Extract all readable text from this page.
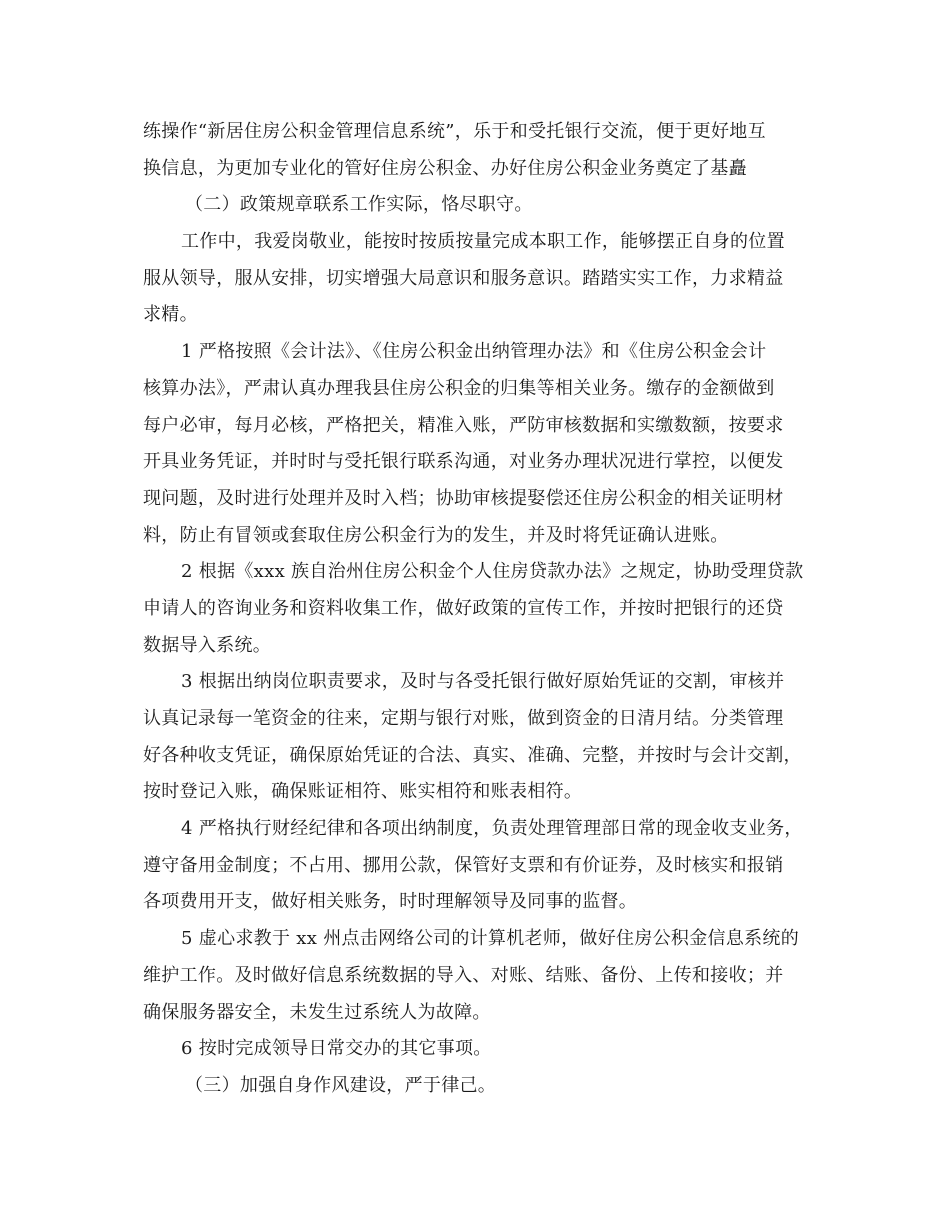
练操作“新居住房公积金管理信息系统”，乐于和受托银行交流，便于更好地互
换信息，为更加专业化的管好住房公积金、办好住房公积金业务奠定了基矗
（二）政策规章联系工作实际，恪尽职守。
工作中，我爱岗敬业，能按时按质按量完成本职工作，能够摆正自身的位置
服从领导，服从安排，切实增强大局意识和服务意识。踏踏实实工作，力求精益
求精。
1 严格按照《会计法》、《住房公积金出纳管理办法》和《住房公积金会计
核算办法》，严肃认真办理我县住房公积金的归集等相关业务。缴存的金额做到
每户必审，每月必核，严格把关，精准入账，严防审核数据和实缴数额，按要求
开具业务凭证，并时时与受托银行联系沟通，对业务办理状况进行掌控，以便发
现问题，及时进行处理并及时入档；协助审核提娶偿还住房公积金的相关证明材
料，防止有冒领或套取住房公积金行为的发生，并及时将凭证确认进账。
2 根据《xxx 族自治州住房公积金个人住房贷款办法》之规定，协助受理贷款
申请人的咨询业务和资料收集工作，做好政策的宣传工作，并按时把银行的还贷
数据导入系统。
3 根据出纳岗位职责要求，及时与各受托银行做好原始凭证的交割，审核并
认真记录每一笔资金的往来，定期与银行对账，做到资金的日清月结。分类管理
好各种收支凭证，确保原始凭证的合法、真实、准确、完整，并按时与会计交割，
按时登记入账，确保账证相符、账实相符和账表相符。
4 严格执行财经纪律和各项出纳制度，负责处理管理部日常的现金收支业务，
遵守备用金制度；不占用、挪用公款，保管好支票和有价证券，及时核实和报销
各项费用开支，做好相关账务，时时理解领导及同事的监督。
5 虚心求教于 xx 州点击网络公司的计算机老师，做好住房公积金信息系统的
维护工作。及时做好信息系统数据的导入、对账、结账、备份、上传和接收；并
确保服务器安全，未发生过系统人为故障。
6 按时完成领导日常交办的其它事项。
（三）加强自身作风建设，严于律己。
